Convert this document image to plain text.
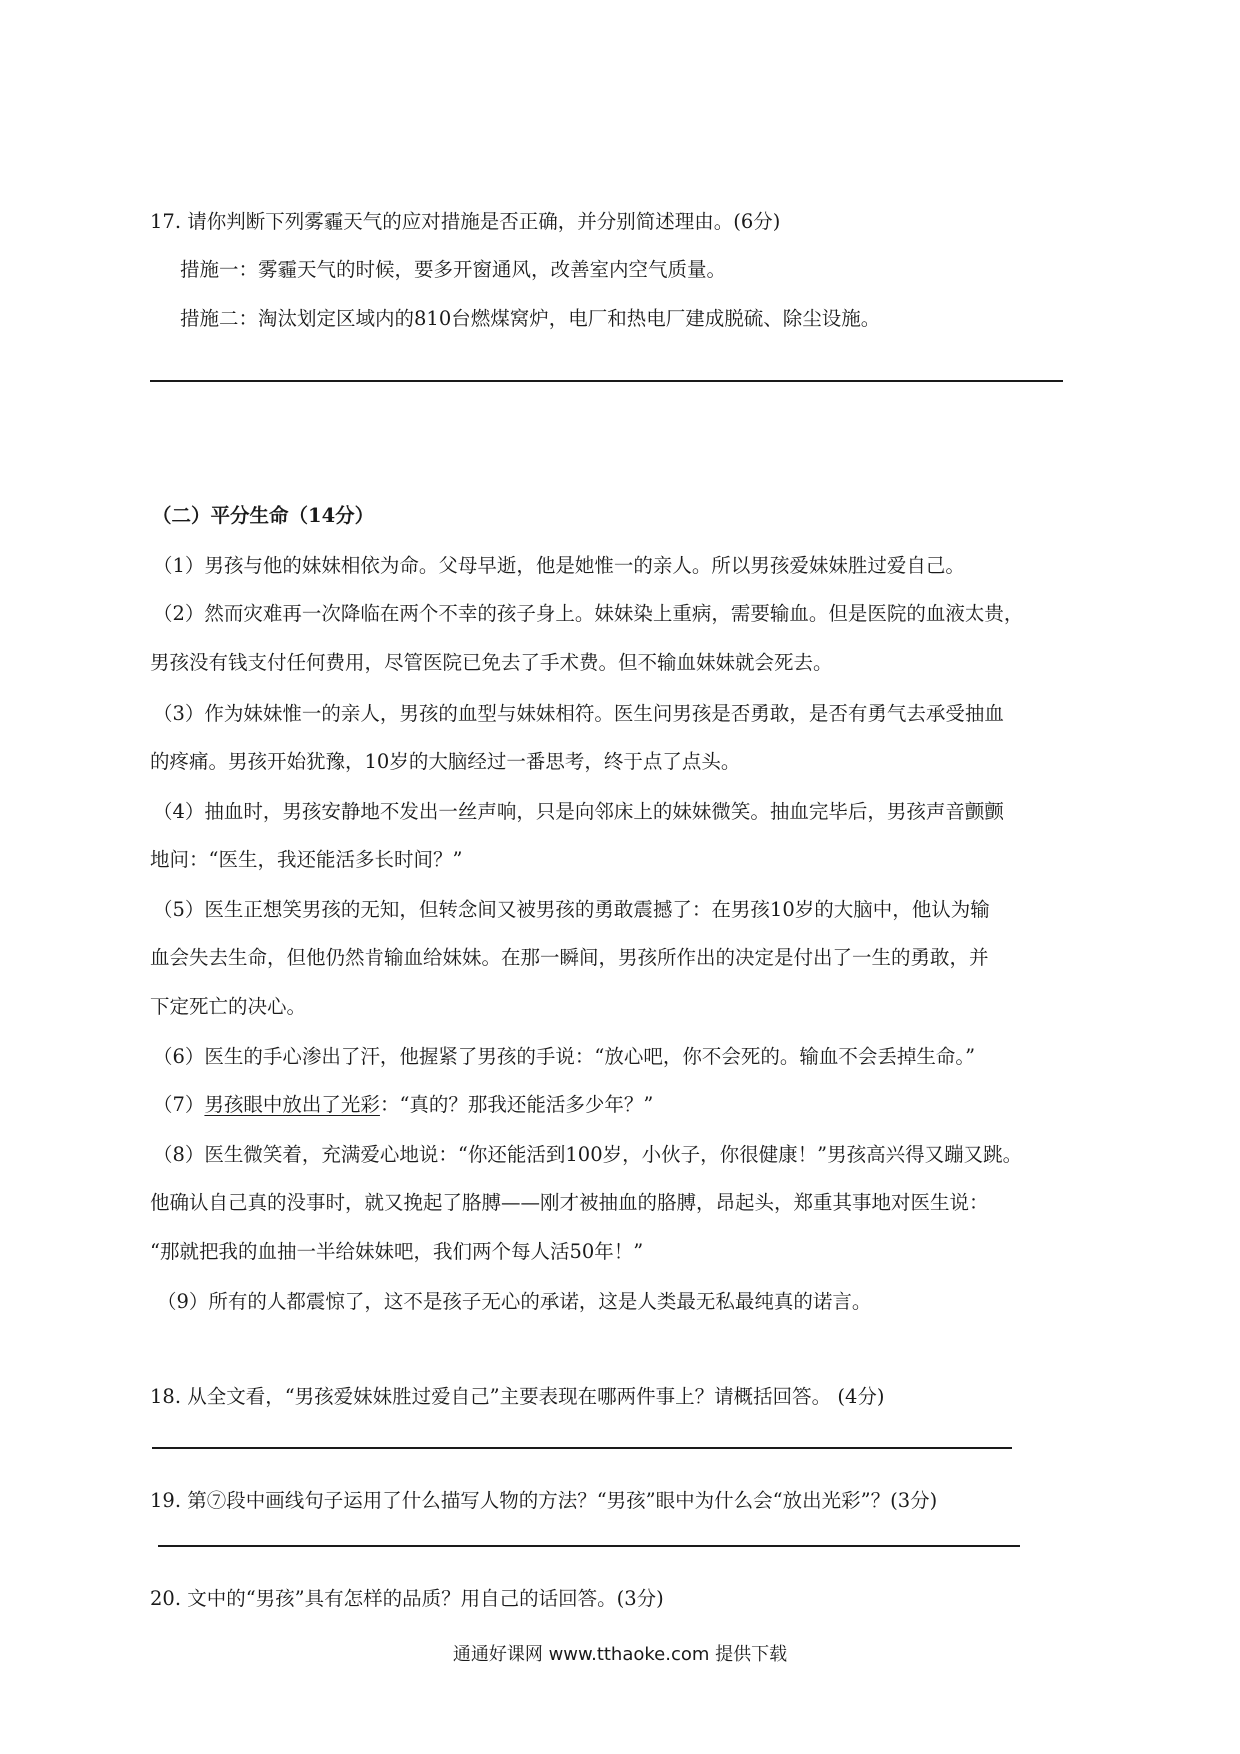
17. 请你判断下列雾霾天气的应对措施是否正确，并分别简述理由。(6分)
措施一：雾霾天气的时候，要多开窗通风，改善室内空气质量。
措施二：淘汰划定区域内的810台燃煤窝炉，电厂和热电厂建成脱硫、除尘设施。
（二）平分生命（14分）
（1）男孩与他的妹妹相依为命。父母早逝，他是她惟一的亲人。所以男孩爱妹妹胜过爱自己。
（2）然而灾难再一次降临在两个不幸的孩子身上。妹妹染上重病，需要输血。但是医院的血液太贵，
男孩没有钱支付任何费用，尽管医院已免去了手术费。但不输血妹妹就会死去。
（3）作为妹妹惟一的亲人，男孩的血型与妹妹相符。医生问男孩是否勇敢，是否有勇气去承受抽血
的疼痛。男孩开始犹豫，10岁的大脑经过一番思考，终于点了点头。
（4）抽血时，男孩安静地不发出一丝声响，只是向邻床上的妹妹微笑。抽血完毕后，男孩声音颤颤
地问：“医生，我还能活多长时间？”
（5）医生正想笑男孩的无知，但转念间又被男孩的勇敢震撼了：在男孩10岁的大脑中，他认为输
血会失去生命，但他仍然肯输血给妹妹。在那一瞬间，男孩所作出的决定是付出了一生的勇敢，并
下定死亡的决心。
（6）医生的手心渗出了汗，他握紧了男孩的手说：“放心吧，你不会死的。输血不会丢掉生命。”
（7）男孩眼中放出了光彩：“真的？那我还能活多少年？”
（8）医生微笑着，充满爱心地说：“你还能活到100岁，小伙子，你很健康！”男孩高兴得又蹦又跳。
他确认自己真的没事时，就又挽起了胳膊——刚才被抽血的胳膊，昂起头，郑重其事地对医生说：
“那就把我的血抽一半给妹妹吧，我们两个每人活50年！”
（9）所有的人都震惊了，这不是孩子无心的承诺，这是人类最无私最纯真的诺言。
18. 从全文看，“男孩爱妹妹胜过爱自己”主要表现在哪两件事上？请概括回答。 (4分)
19. 第⑦段中画线句子运用了什么描写人物的方法？“男孩”眼中为什么会“放出光彩”？(3分)
20. 文中的“男孩”具有怎样的品质？用自己的话回答。(3分)
通通好课网 www.tthaoke.com 提供下载
